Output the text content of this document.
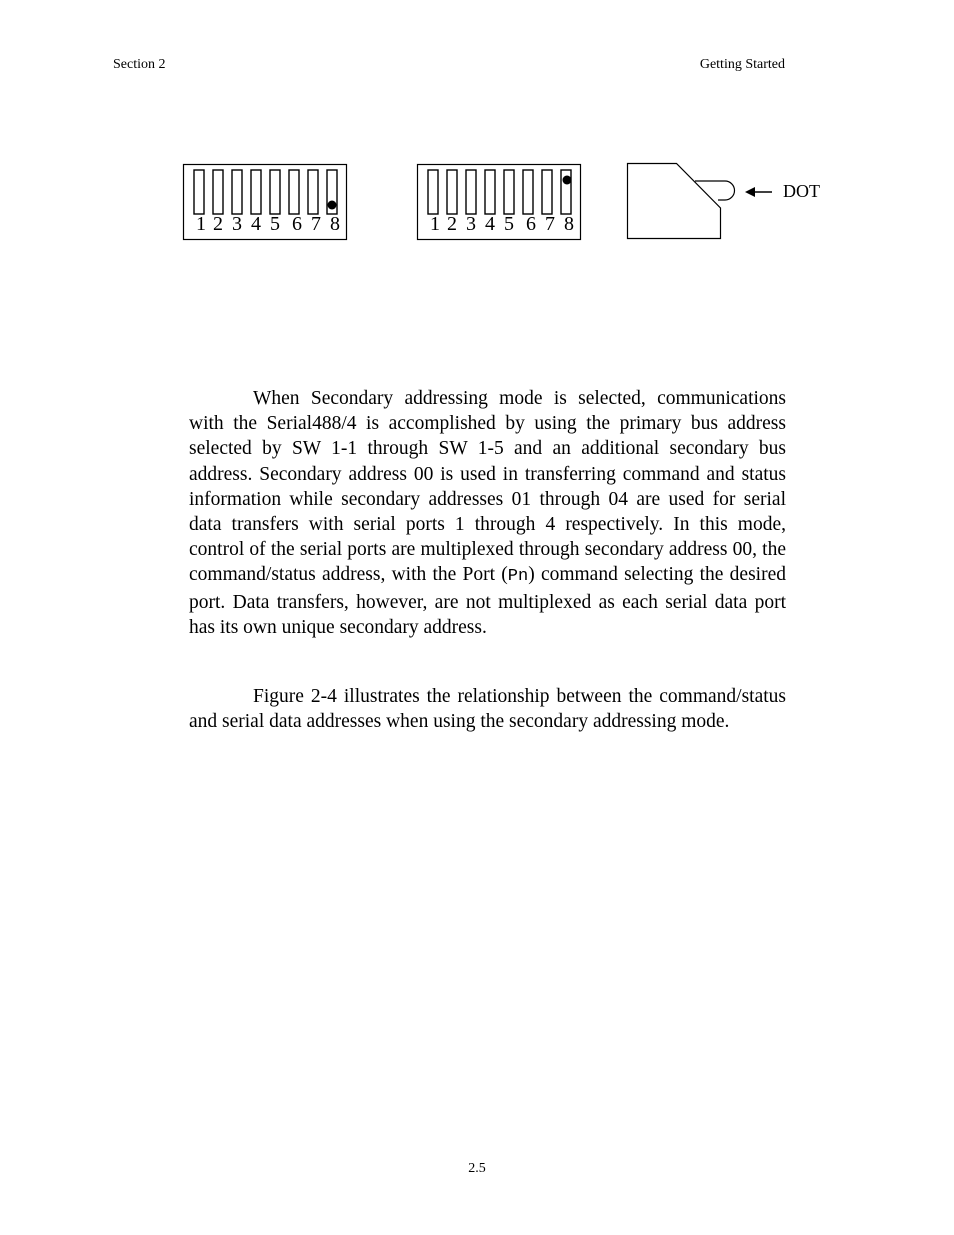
Section 2	Getting Started
1 2 3 4 5 6 7 8	1 2 3 4 5 6 7 8
DOT

When Secondary addressing mode is selected, communications with the Serial488/4 is accomplished by using the primary bus address selected by SW 1-1 through SW 1-5 and an additional secondary bus address. Secondary address 00 is used in transferring command and status information while secondary addresses 01 through 04 are used for serial data transfers with serial ports 1 through 4 respectively. In this mode, control of the serial ports are multiplexed through secondary address 00, the command/status address, with the Port (Pn) command selecting the desired port. Data transfers, however, are not multiplexed as each serial data port has its own unique secondary address.

Figure 2-4 illustrates the relationship between the command/status and serial data addresses when using the secondary addressing mode.

2.5
